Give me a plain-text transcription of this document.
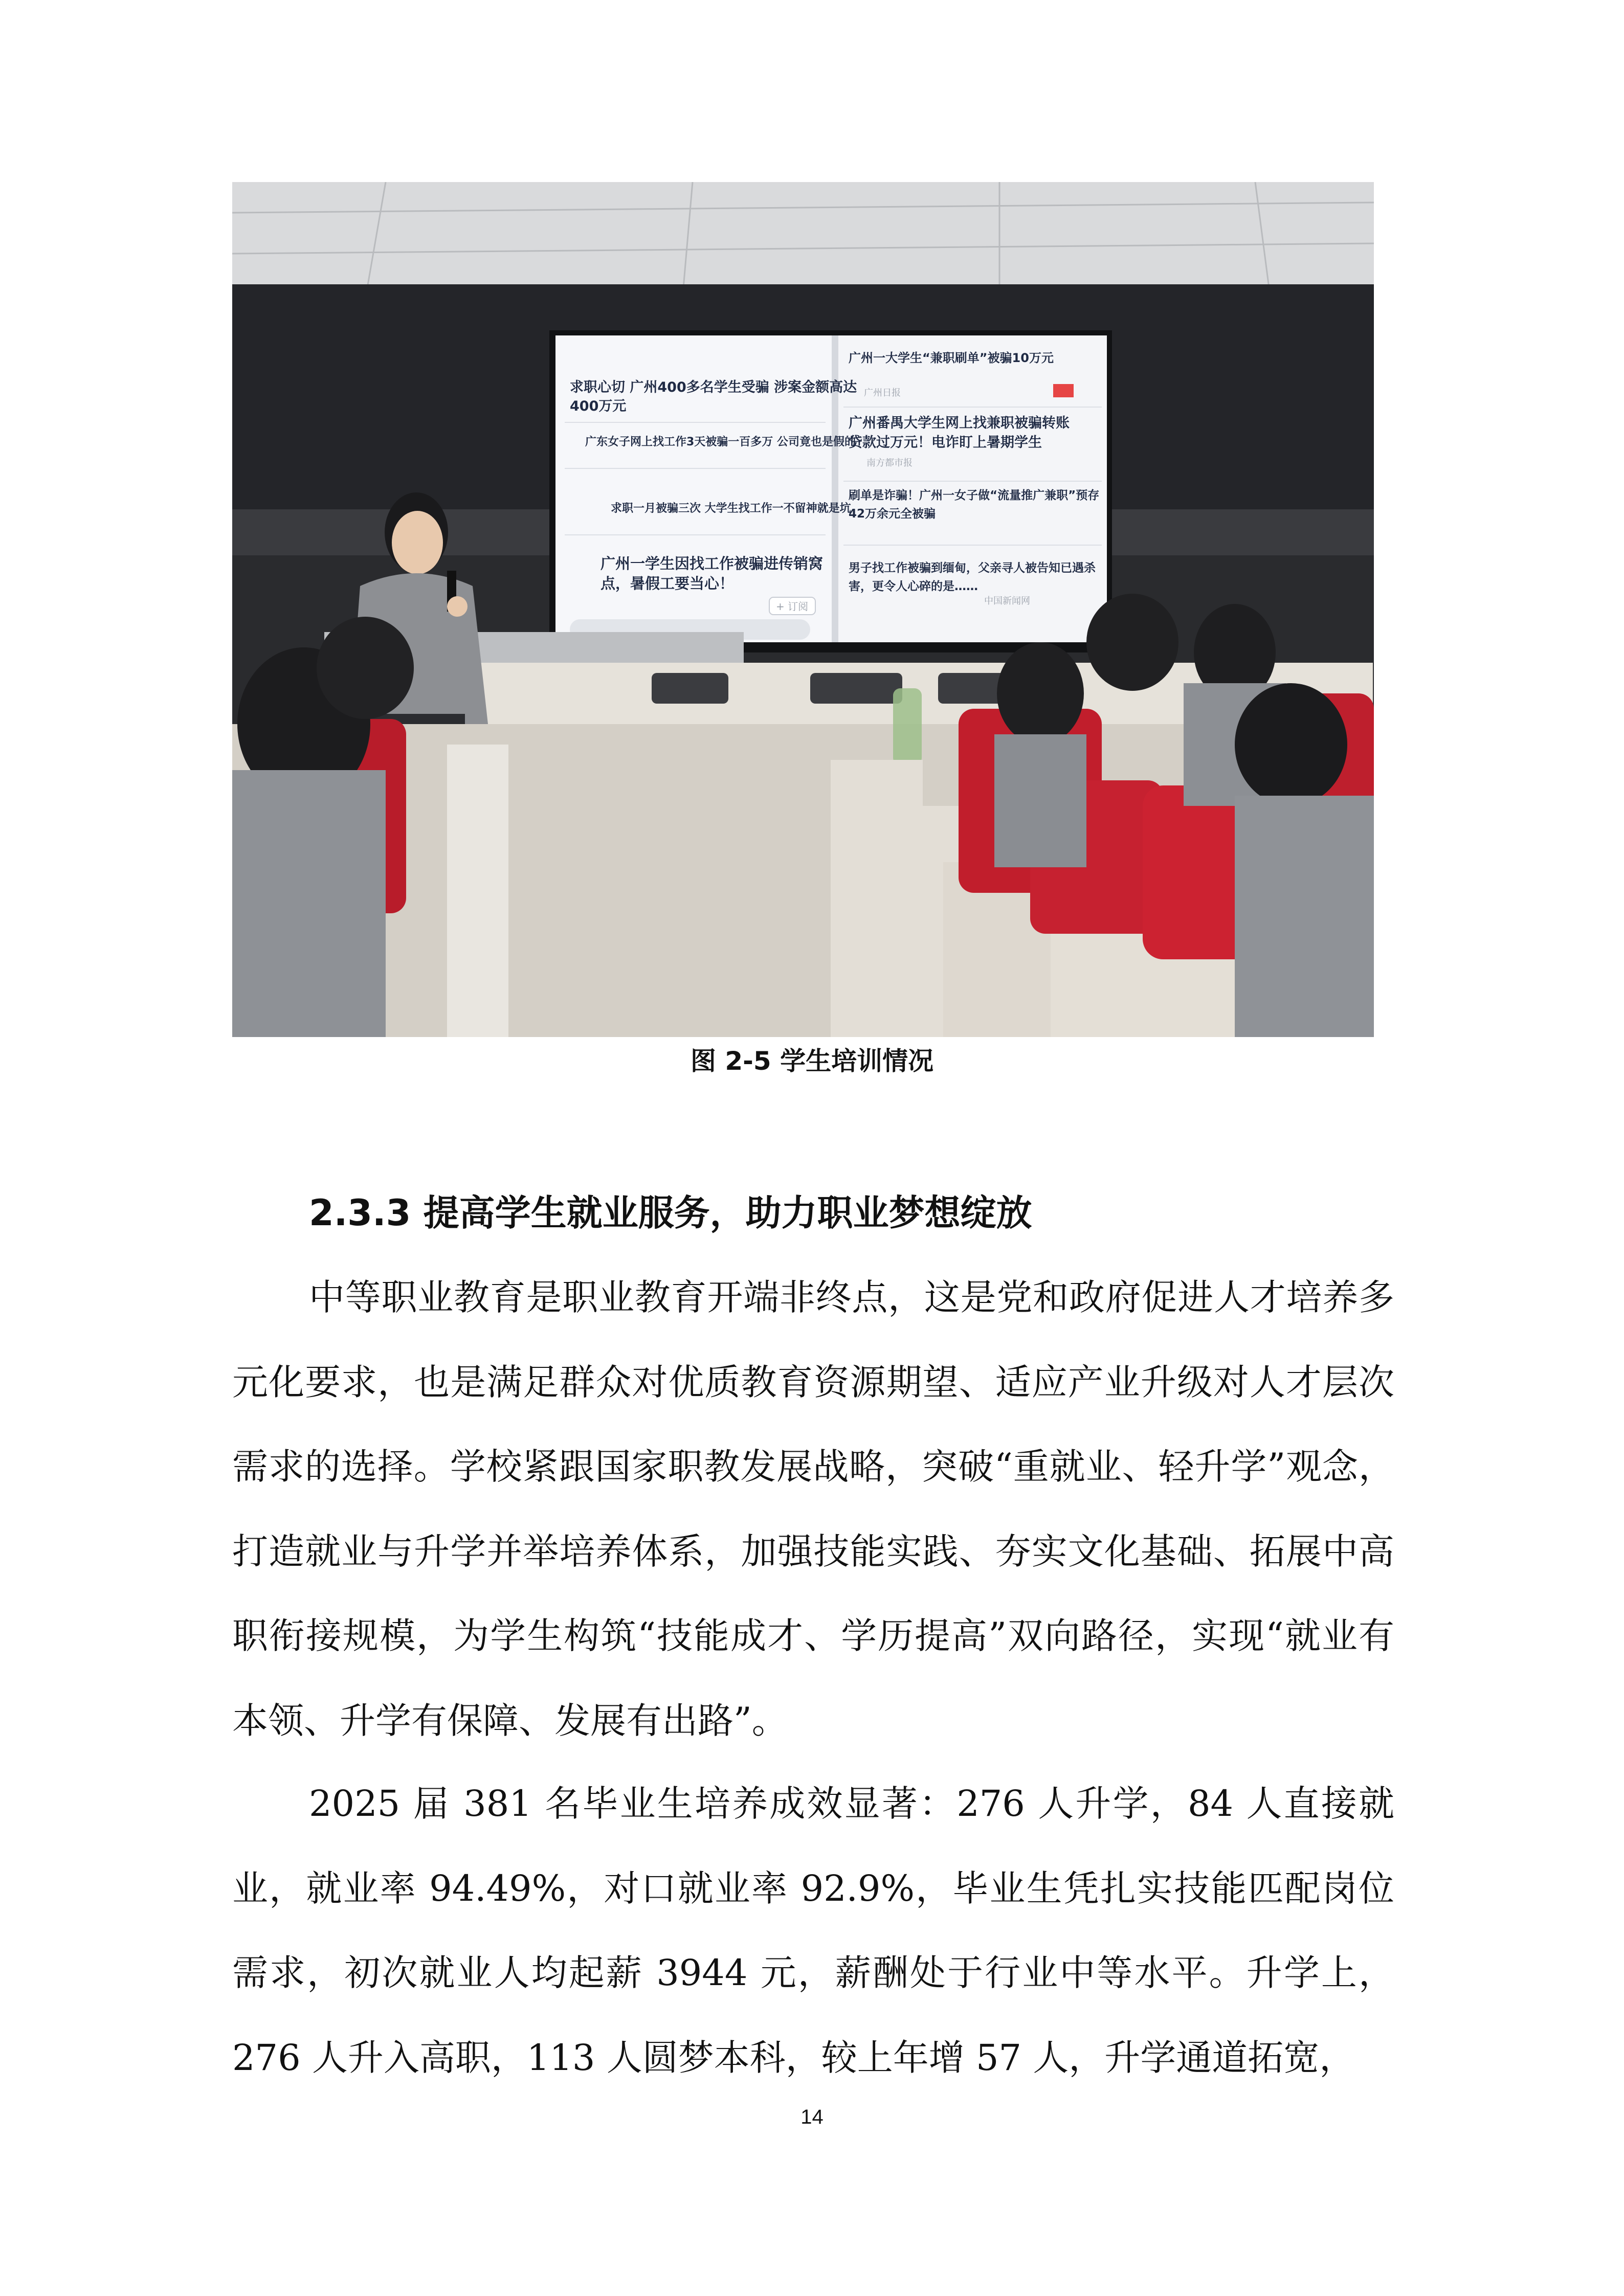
求职心切 广州400多名学生受骗 涉案金额高达
400万元
广东女子网上找工作3天被骗一百多万 公司竟也是假的
求职一月被骗三次 大学生找工作一不留神就是坑
广州一学生因找工作被骗进传销窝
点，暑假工要当心！
+ 订阅
广州一大学生“兼职刷单”被骗10万元
广州番禺大学生网上找兼职被骗转账
贷款过万元！电诈盯上暑期学生
刷单是诈骗！广州一女子做“流量推广兼职”预存
42万余元全被骗
男子找工作被骗到缅甸，父亲寻人被告知已遇杀
害，更令人心碎的是……
南方都市报
广州日报
中国新闻网
图 2-5 学生培训情况
2.3.3 提高学生就业服务，助力职业梦想绽放

中等职业教育是职业教育开端非终点，这是党和政府促进人才培养多元化要求，也是满足群众对优质教育资源期望、适应产业升级对人才层次需求的选择。学校紧跟国家职教发展战略，突破“重就业、轻升学”观念，打造就业与升学并举培养体系，加强技能实践、夯实文化基础、拓展中高职衔接规模，为学生构筑“技能成才、学历提高”双向路径，实现“就业有本领、升学有保障、发展有出路”。

2025 届 381 名毕业生培养成效显著：276 人升学，84 人直接就业，就业率 94.49%，对口就业率 92.9%，毕业生凭扎实技能匹配岗位需求，初次就业人均起薪 3944 元，薪酬处于行业中等水平。升学上，276 人升入高职，113 人圆梦本科，较上年增 57 人，升学通道拓宽，

14
